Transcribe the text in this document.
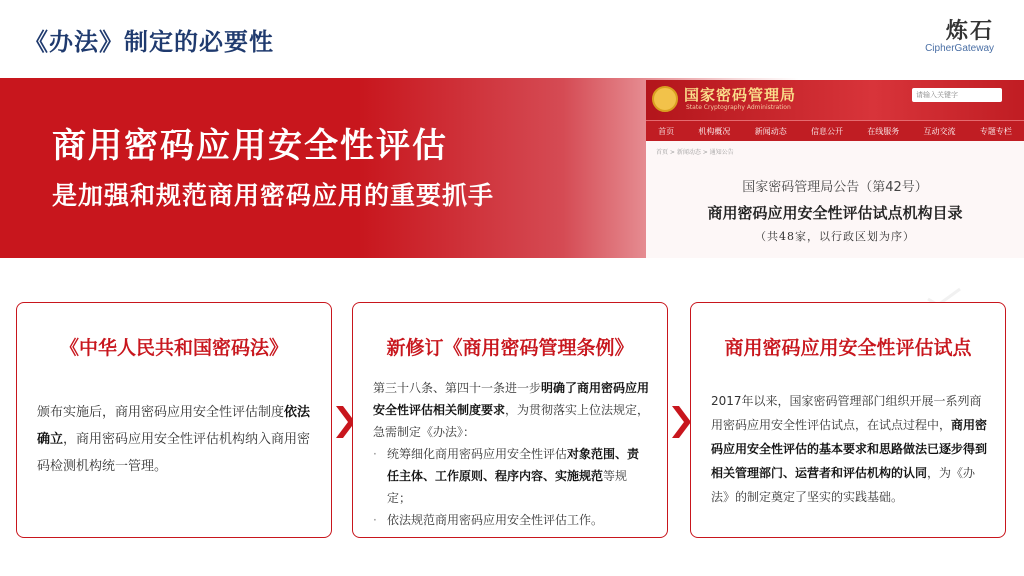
《办法》制定的必要性	炼石
CipherGateway
商用密码应用安全性评估
是加强和规范商用密码应用的重要抓手
国家密码管理局
State Cryptography Administration
请输入关键字
首页	机构概况	新闻动态	信息公开	在线服务	互动交流	专题专栏
首页 > 新闻动态 > 通知公告
国家密码管理局公告（第42号）
商用密码应用安全性评估试点机构目录
（共48家，以行政区划为序）
《中华人民共和国密码法》
颁布实施后，商用密码应用安全性评估制度依法确立，商用密码应用安全性评估机构纳入商用密码检测机构统一管理。
新修订《商用密码管理条例》
第三十八条、第四十一条进一步明确了商用密码应用安全性评估相关制度要求，为贯彻落实上位法规定，急需制定《办法》：
· 统筹细化商用密码应用安全性评估对象范围、责任主体、工作原则、程序内容、实施规范等规定；
· 依法规范商用密码应用安全性评估工作。
商用密码应用安全性评估试点
2017年以来，国家密码管理部门组织开展一系列商用密码应用安全性评估试点，在试点过程中，商用密码应用安全性评估的基本要求和思路做法已逐步得到相关管理部门、运营者和评估机构的认同，为《办法》的制定奠定了坚实的实践基础。
